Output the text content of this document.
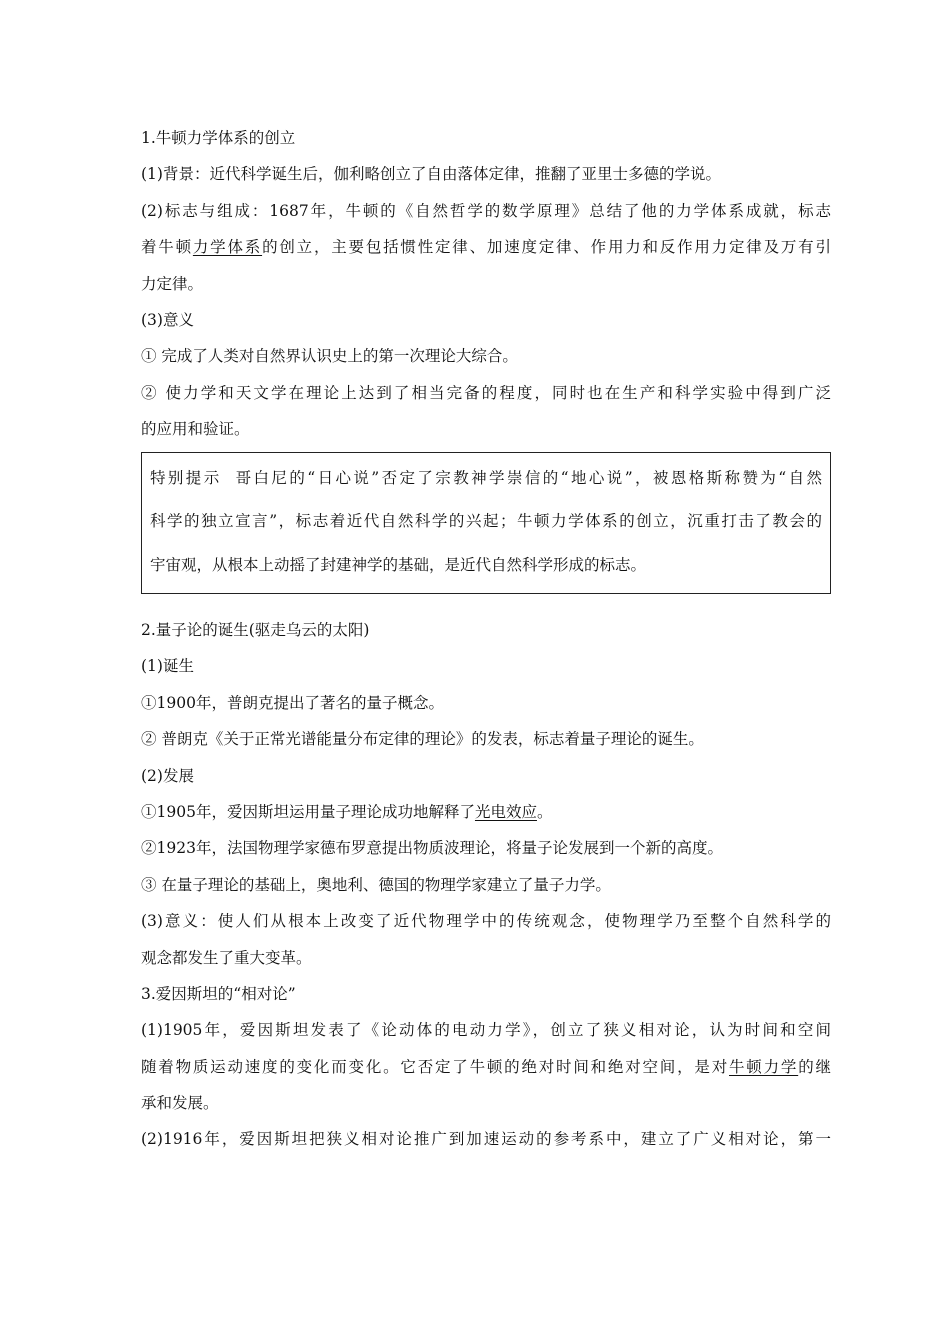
1.牛顿力学体系的创立
(1)背景：近代科学诞生后，伽利略创立了自由落体定律，推翻了亚里士多德的学说。
(2)标志与组成：1687年，牛顿的《自然哲学的数学原理》总结了他的力学体系成就，标志
着牛顿力学体系的创立，主要包括惯性定律、加速度定律、作用力和反作用力定律及万有引
力定律。
(3)意义
① 完成了人类对自然界认识史上的第一次理论大综合。
② 使力学和天文学在理论上达到了相当完备的程度，同时也在生产和科学实验中得到广泛
的应用和验证。
特别提示 哥白尼的“日心说”否定了宗教神学崇信的“地心说”，被恩格斯称赞为“自然
科学的独立宣言”，标志着近代自然科学的兴起；牛顿力学体系的创立，沉重打击了教会的
宇宙观，从根本上动摇了封建神学的基础，是近代自然科学形成的标志。
2.量子论的诞生(驱走乌云的太阳)
(1)诞生
①1900年，普朗克提出了著名的量子概念。
② 普朗克《关于正常光谱能量分布定律的理论》的发表，标志着量子理论的诞生。
(2)发展
①1905年，爱因斯坦运用量子理论成功地解释了光电效应。
②1923年，法国物理学家德布罗意提出物质波理论，将量子论发展到一个新的高度。
③ 在量子理论的基础上，奥地利、德国的物理学家建立了量子力学。
(3)意义：使人们从根本上改变了近代物理学中的传统观念，使物理学乃至整个自然科学的
观念都发生了重大变革。
3.爱因斯坦的“相对论”
(1)1905年，爱因斯坦发表了《论动体的电动力学》，创立了狭义相对论，认为时间和空间
随着物质运动速度的变化而变化。它否定了牛顿的绝对时间和绝对空间，是对牛顿力学的继
承和发展。
(2)1916年，爱因斯坦把狭义相对论推广到加速运动的参考系中，建立了广义相对论，第一
